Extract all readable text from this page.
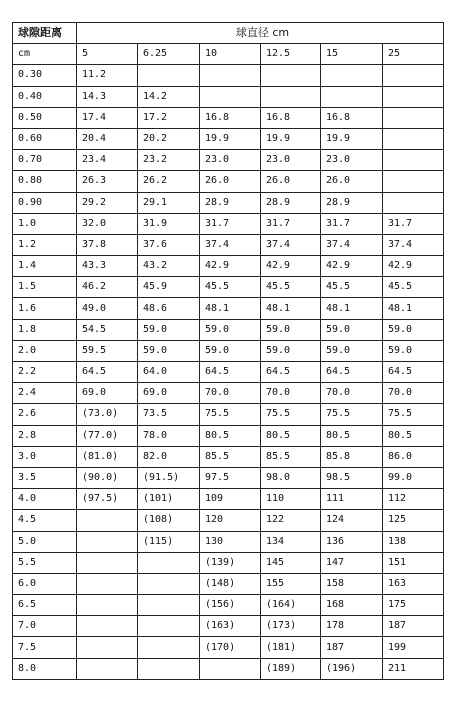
球隙距离	球直径 cm					
cm	5	6.25	10	12.5	15	25
0.30	11.2					
0.40	14.3	14.2				
0.50	17.4	17.2	16.8	16.8	16.8	
0.60	20.4	20.2	19.9	19.9	19.9	
0.70	23.4	23.2	23.0	23.0	23.0	
0.80	26.3	26.2	26.0	26.0	26.0	
0.90	29.2	29.1	28.9	28.9	28.9	
1.0	32.0	31.9	31.7	31.7	31.7	31.7
1.2	37.8	37.6	37.4	37.4	37.4	37.4
1.4	43.3	43.2	42.9	42.9	42.9	42.9
1.5	46.2	45.9	45.5	45.5	45.5	45.5
1.6	49.0	48.6	48.1	48.1	48.1	48.1
1.8	54.5	59.0	59.0	59.0	59.0	59.0
2.0	59.5	59.0	59.0	59.0	59.0	59.0
2.2	64.5	64.0	64.5	64.5	64.5	64.5
2.4	69.0	69.0	70.0	70.0	70.0	70.0
2.6	(73.0)	73.5	75.5	75.5	75.5	75.5
2.8	(77.0)	78.0	80.5	80.5	80.5	80.5
3.0	(81.0)	82.0	85.5	85.5	85.8	86.0
3.5	(90.0)	(91.5)	97.5	98.0	98.5	99.0
4.0	(97.5)	(101)	109	110	111	112
4.5		(108)	120	122	124	125
5.0		(115)	130	134	136	138
5.5			(139)	145	147	151
6.0			(148)	155	158	163
6.5			(156)	(164)	168	175
7.0			(163)	(173)	178	187
7.5			(170)	(181)	187	199
8.0				(189)	(196)	211
